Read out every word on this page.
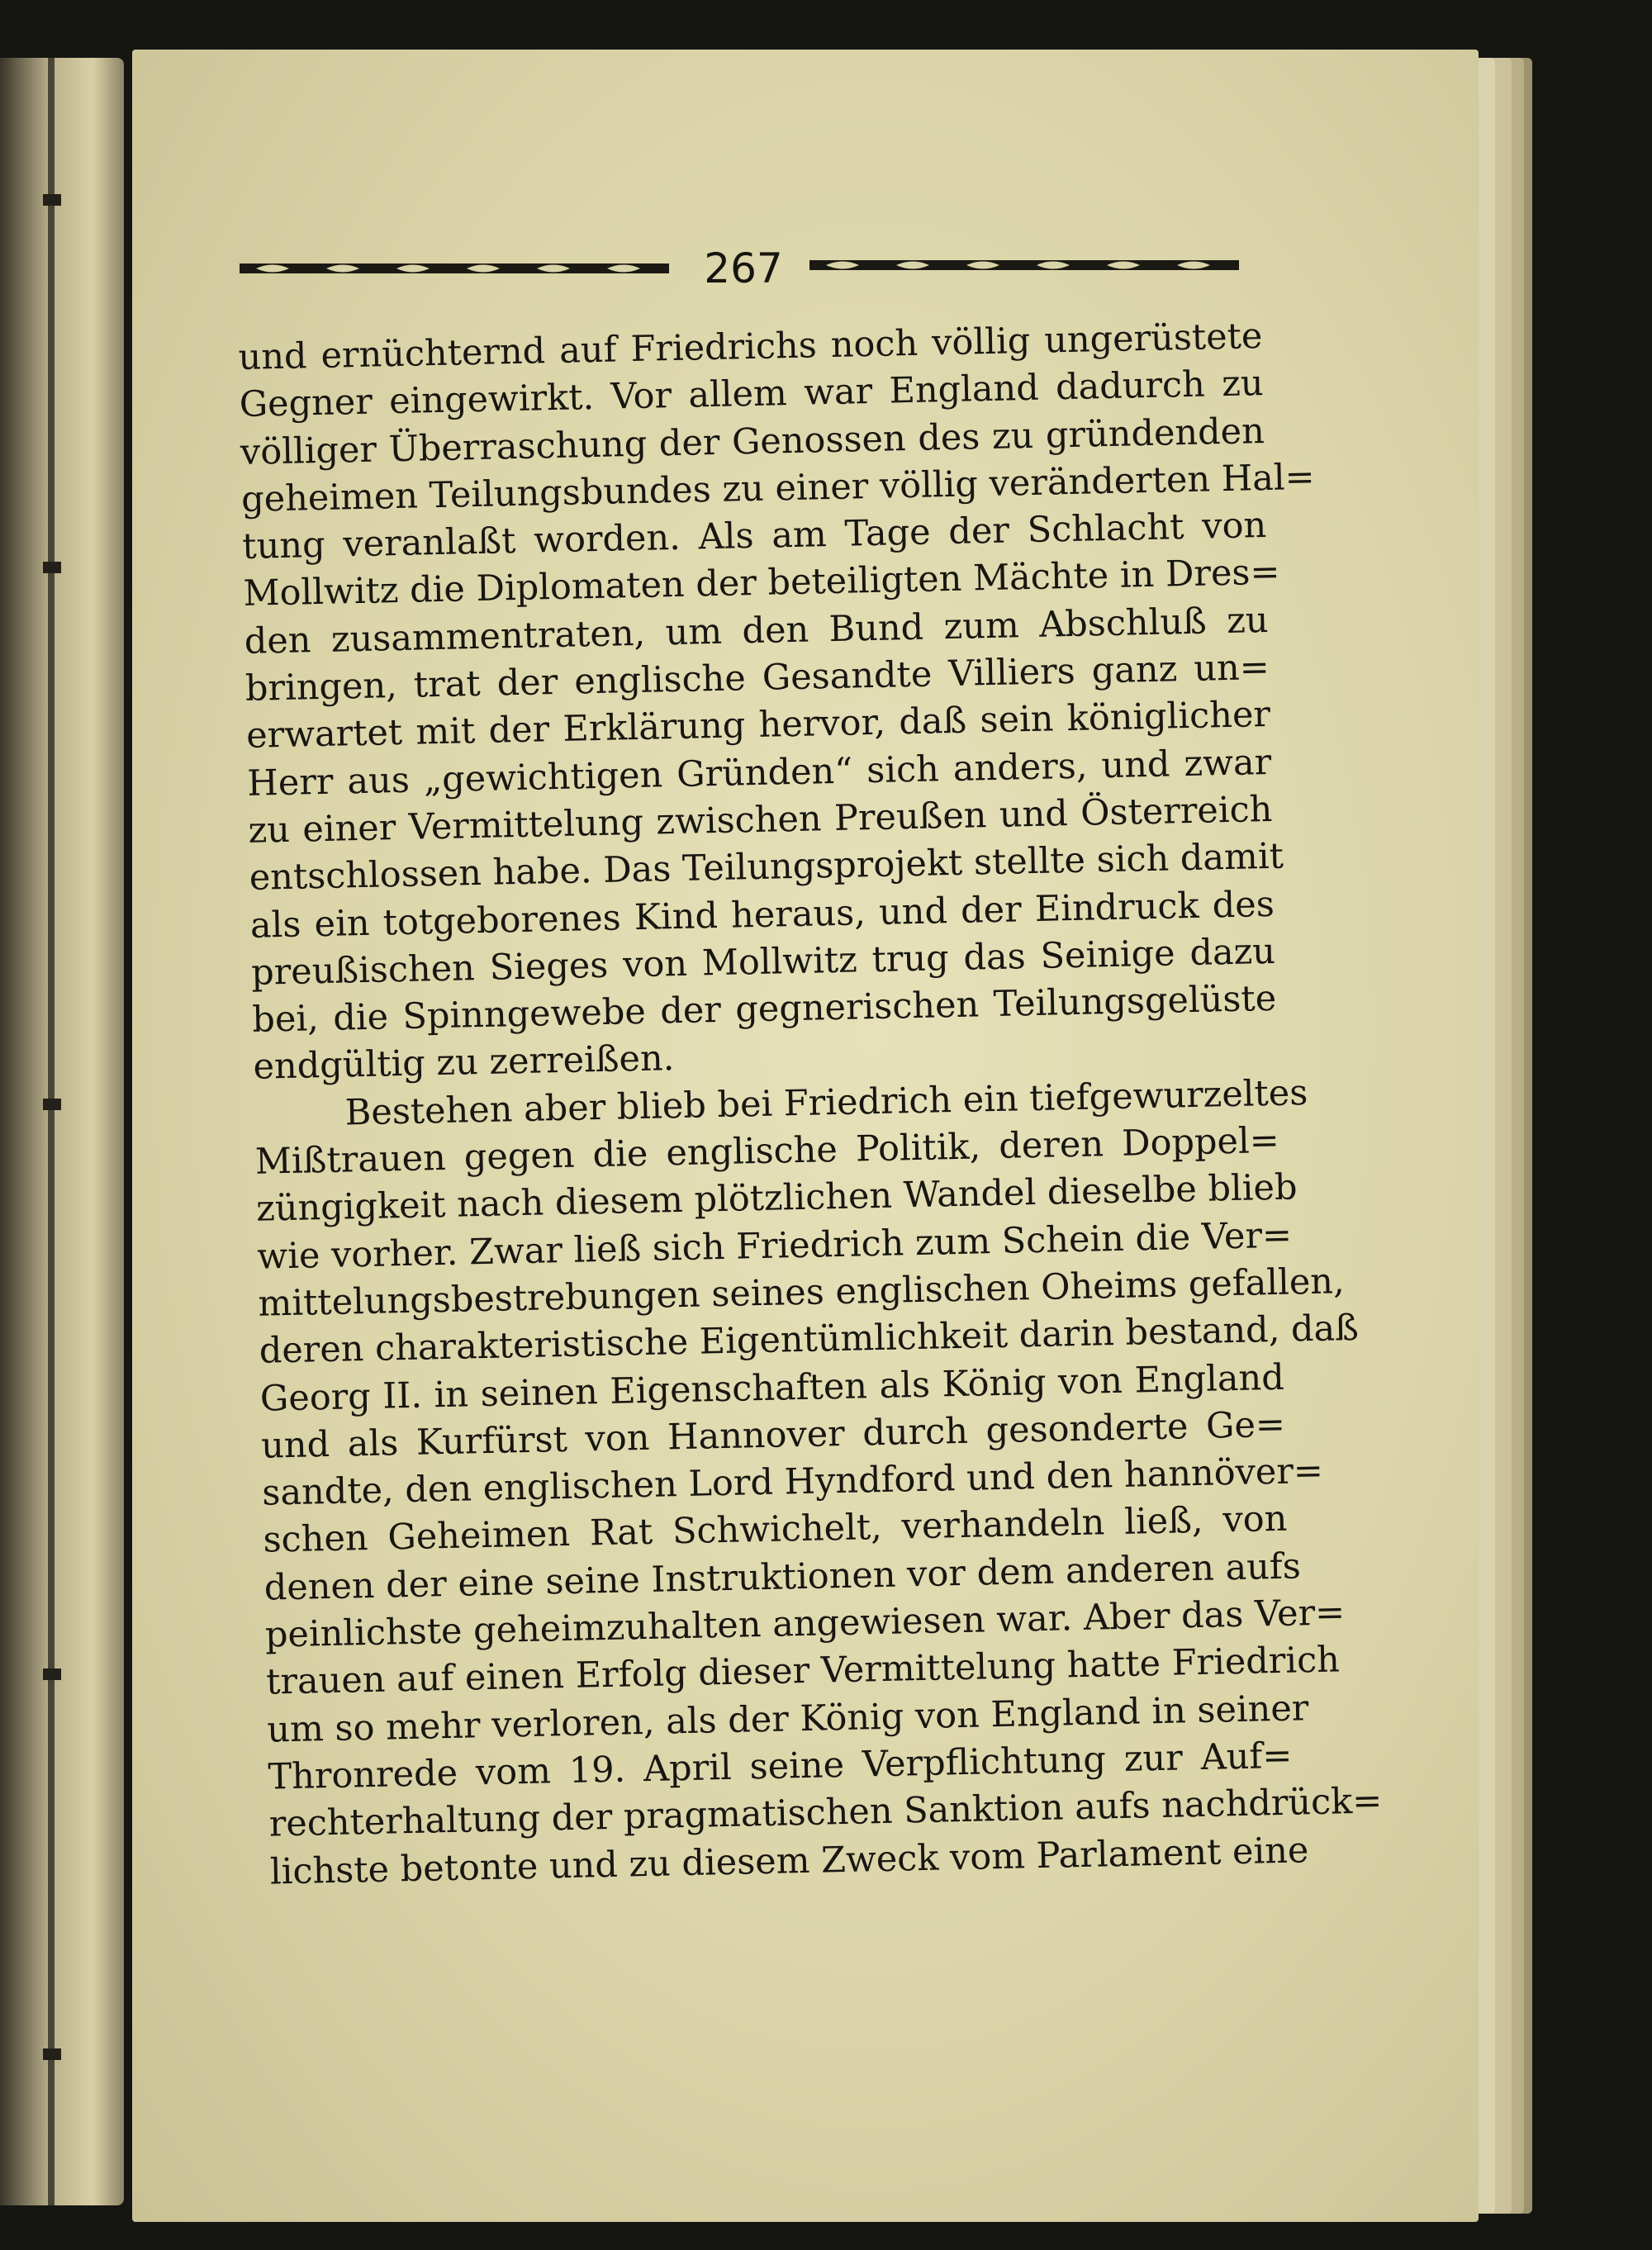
267
und ernüchternd auf Friedrichs noch völlig ungerüstete
Gegner eingewirkt. Vor allem war England dadurch zu
völliger Überraschung der Genossen des zu gründenden
geheimen Teilungsbundes zu einer völlig veränderten Hal=
tung veranlaßt worden. Als am Tage der Schlacht von
Mollwitz die Diplomaten der beteiligten Mächte in Dres=
den zusammentraten, um den Bund zum Abschluß zu
bringen, trat der englische Gesandte Villiers ganz un=
erwartet mit der Erklärung hervor, daß sein königlicher
Herr aus „gewichtigen Gründen“ sich anders, und zwar
zu einer Vermittelung zwischen Preußen und Österreich
entschlossen habe. Das Teilungsprojekt stellte sich damit
als ein totgeborenes Kind heraus, und der Eindruck des
preußischen Sieges von Mollwitz trug das Seinige dazu
bei, die Spinngewebe der gegnerischen Teilungsgelüste
endgültig zu zerreißen.
Bestehen aber blieb bei Friedrich ein tiefgewurzeltes
Mißtrauen gegen die englische Politik, deren Doppel=
züngigkeit nach diesem plötzlichen Wandel dieselbe blieb
wie vorher. Zwar ließ sich Friedrich zum Schein die Ver=
mittelungsbestrebungen seines englischen Oheims gefallen,
deren charakteristische Eigentümlichkeit darin bestand, daß
Georg II. in seinen Eigenschaften als König von England
und als Kurfürst von Hannover durch gesonderte Ge=
sandte, den englischen Lord Hyndford und den hannöver=
schen Geheimen Rat Schwichelt, verhandeln ließ, von
denen der eine seine Instruktionen vor dem anderen aufs
peinlichste geheimzuhalten angewiesen war. Aber das Ver=
trauen auf einen Erfolg dieser Vermittelung hatte Friedrich
um so mehr verloren, als der König von England in seiner
Thronrede vom 19. April seine Verpflichtung zur Auf=
rechterhaltung der pragmatischen Sanktion aufs nachdrück=
lichste betonte und zu diesem Zweck vom Parlament eine
